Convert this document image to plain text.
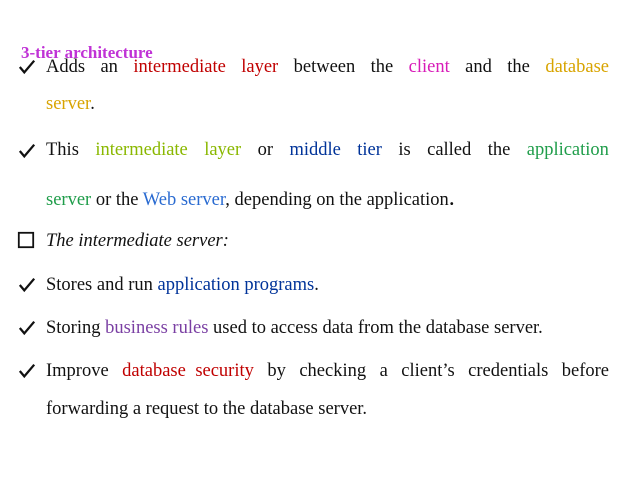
3-tier architecture
Adds an intermediate layer between the client and the database
server.
This intermediate layer or middle tier is called the application
server or the Web server, depending on the application.
The intermediate server:
Stores and run application programs.
Storing business rules used to access data from the database server.
Improve database security by checking a client’s credentials before
forwarding a request to the database server.
